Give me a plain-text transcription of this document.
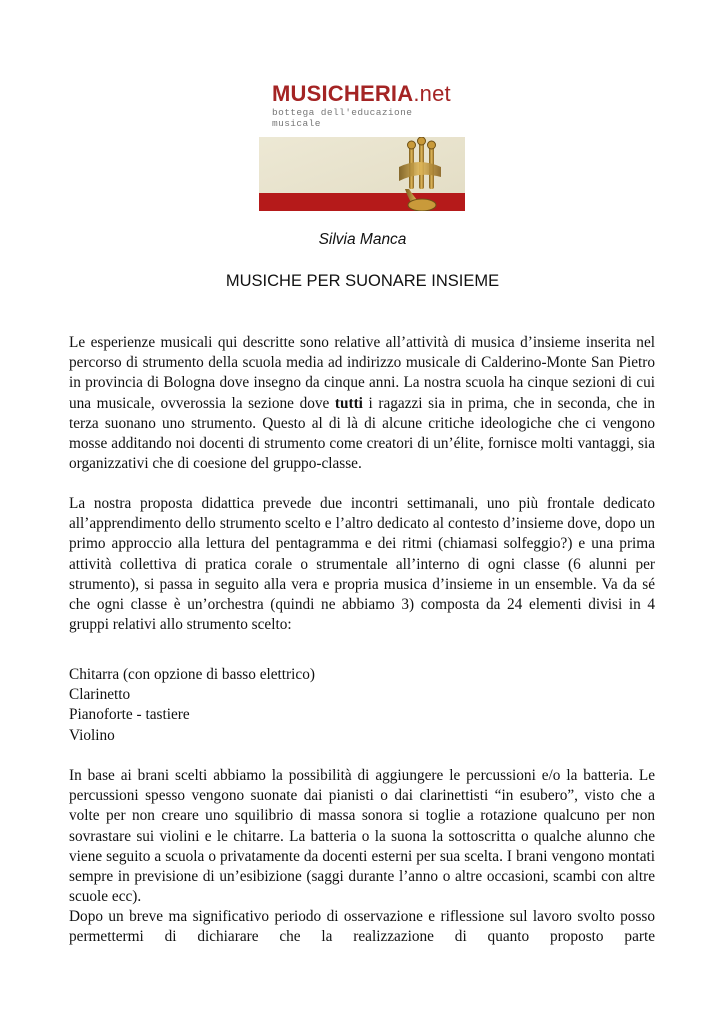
MUSICHERIA.net
bottega dell'educazione musicale
Silvia Manca
MUSICHE PER SUONARE INSIEME

Le esperienze musicali qui descritte sono relative all’attività di musica d’insieme inserita nel percorso di strumento della scuola media ad indirizzo musicale di Calderino-Monte San Pietro in provincia di Bologna dove insegno da cinque anni. La nostra scuola ha cinque sezioni di cui una musicale, ovverossia la sezione dove tutti i ragazzi sia in prima, che in seconda, che in terza suonano uno strumento. Questo al di là di alcune critiche ideologiche che ci vengono mosse additando noi docenti di strumento come creatori di un’élite, fornisce molti vantaggi, sia organizzativi che di coesione del gruppo-classe.

La nostra proposta didattica prevede due incontri settimanali, uno più frontale dedicato all’apprendimento dello strumento scelto e l’altro dedicato al contesto d’insieme dove, dopo un primo approccio alla lettura del pentagramma e dei ritmi (chiamasi solfeggio?) e una prima attività collettiva di pratica corale o strumentale all’interno di ogni classe (6 alunni per strumento), si passa in seguito alla vera e propria musica d’insieme in un ensemble. Va da sé che ogni classe è un’orchestra (quindi ne abbiamo 3) composta da 24 elementi divisi in 4 gruppi relativi allo strumento scelto:

Chitarra (con opzione di basso elettrico)
Clarinetto
Pianoforte - tastiere
Violino

In base ai brani scelti abbiamo la possibilità di aggiungere le percussioni e/o la batteria. Le percussioni spesso vengono suonate dai pianisti o dai clarinettisti “in esubero”, visto che a volte per non creare uno squilibrio di massa sonora si toglie a rotazione qualcuno per non sovrastare sui violini e le chitarre. La batteria o la suona la sottoscritta o qualche alunno che viene seguito a scuola o privatamente da docenti esterni per sua scelta. I brani vengono montati sempre in previsione di un’esibizione (saggi durante l’anno o altre occasioni, scambi con altre scuole ecc).

Dopo un breve ma significativo periodo di osservazione e riflessione sul lavoro svolto posso permettermi di dichiarare che la realizzazione di quanto proposto parte
